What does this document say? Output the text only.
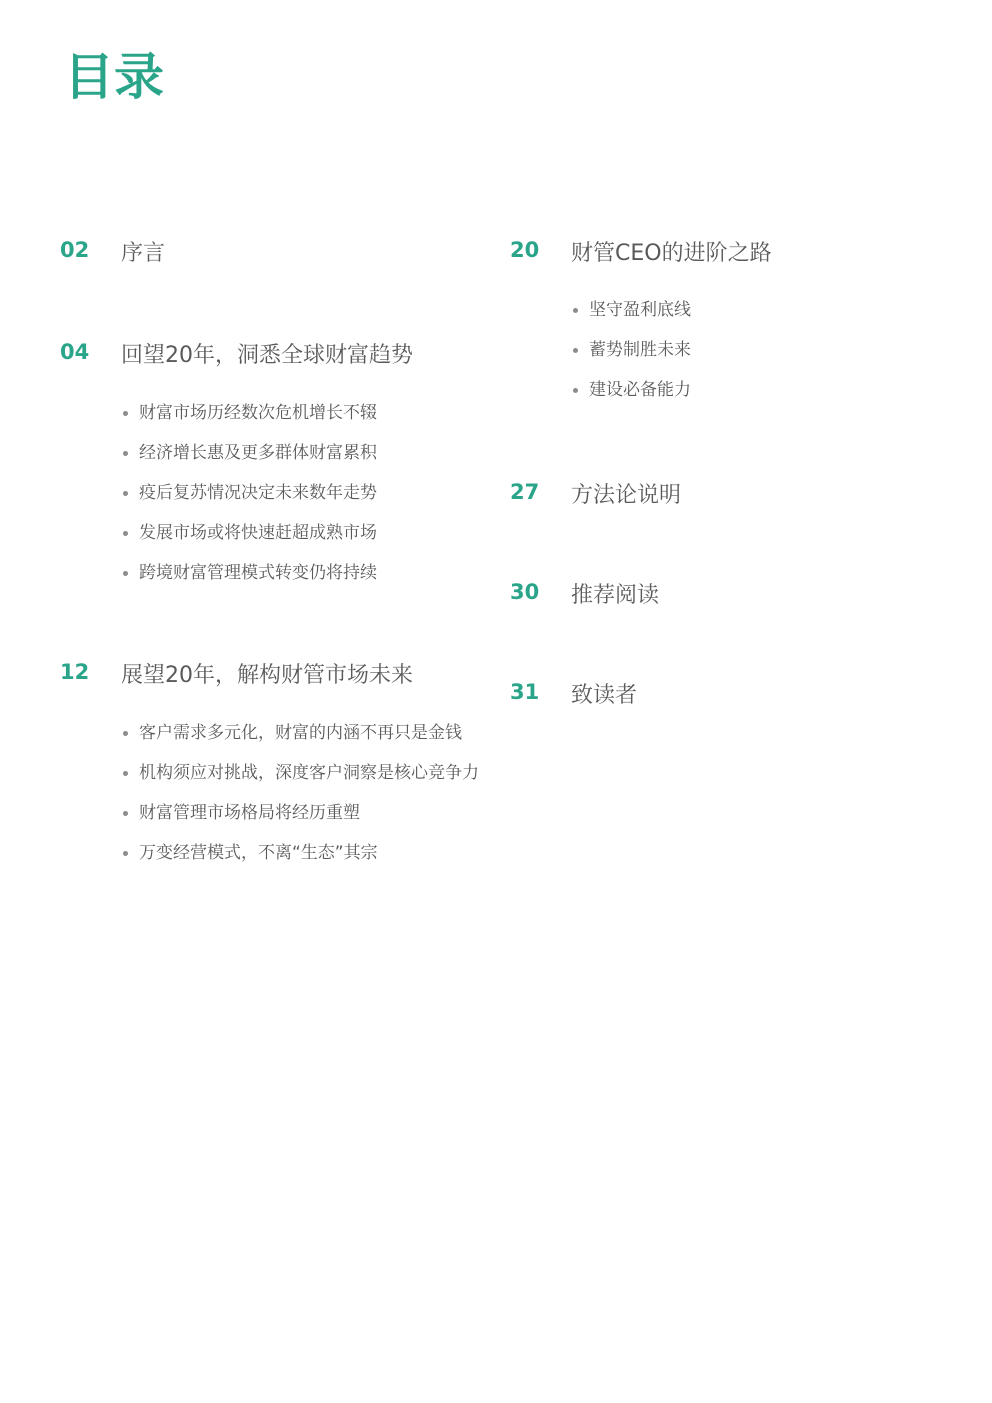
目录
02 序言
04 回望20年，洞悉全球财富趋势
财富市场历经数次危机增长不辍
经济增长惠及更多群体财富累积
疫后复苏情况决定未来数年走势
发展市场或将快速赶超成熟市场
跨境财富管理模式转变仍将持续
12 展望20年，解构财管市场未来
客户需求多元化，财富的内涵不再只是金钱
机构须应对挑战，深度客户洞察是核心竞争力
财富管理市场格局将经历重塑
万变经营模式，不离“生态”其宗
20 财管CEO的进阶之路
坚守盈利底线
蓄势制胜未来
建设必备能力
27 方法论说明
30 推荐阅读
31 致读者
